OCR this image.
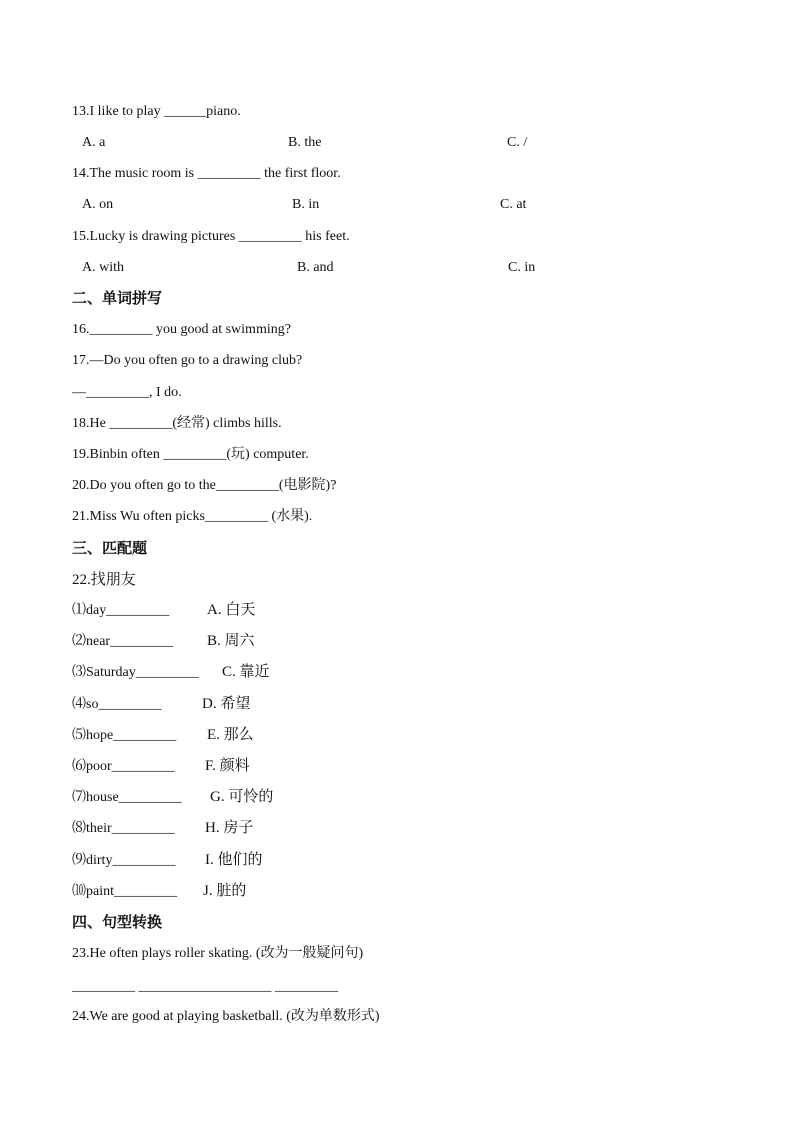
13.I like to play ______piano.
A. a	B. the	C. /
14.The music room is _________ the first floor.
A. on	B. in	C. at
15.Lucky is drawing pictures _________ his feet.
A. with	B. and	C. in
二、单词拼写
16._________ you good at swimming?
17.—Do you often go to a drawing club?
—_________, I do.
18.He _________(经常) climbs hills.
19.Binbin often _________(玩) computer.
20.Do you often go to the_________(电影院)?
21.Miss Wu often picks_________ (水果).
三、匹配题
22.找朋友
⑴day_________	A. 白天
⑵near_________ B. 周六
⑶Saturday_________ C. 靠近
⑷so_________	D. 希望
⑸hope_________ E. 那么
⑹poor_________ F. 颜料
⑺house_________ G. 可怜的
⑻their_________ H. 房子
⑼dirty_________ I. 他们的
⑽paint_________ J. 脏的
四、句型转换
23.He often plays roller skating. (改为一般疑问句)
_________ ___________________ _________
24.We are good at playing basketball. (改为单数形式)
